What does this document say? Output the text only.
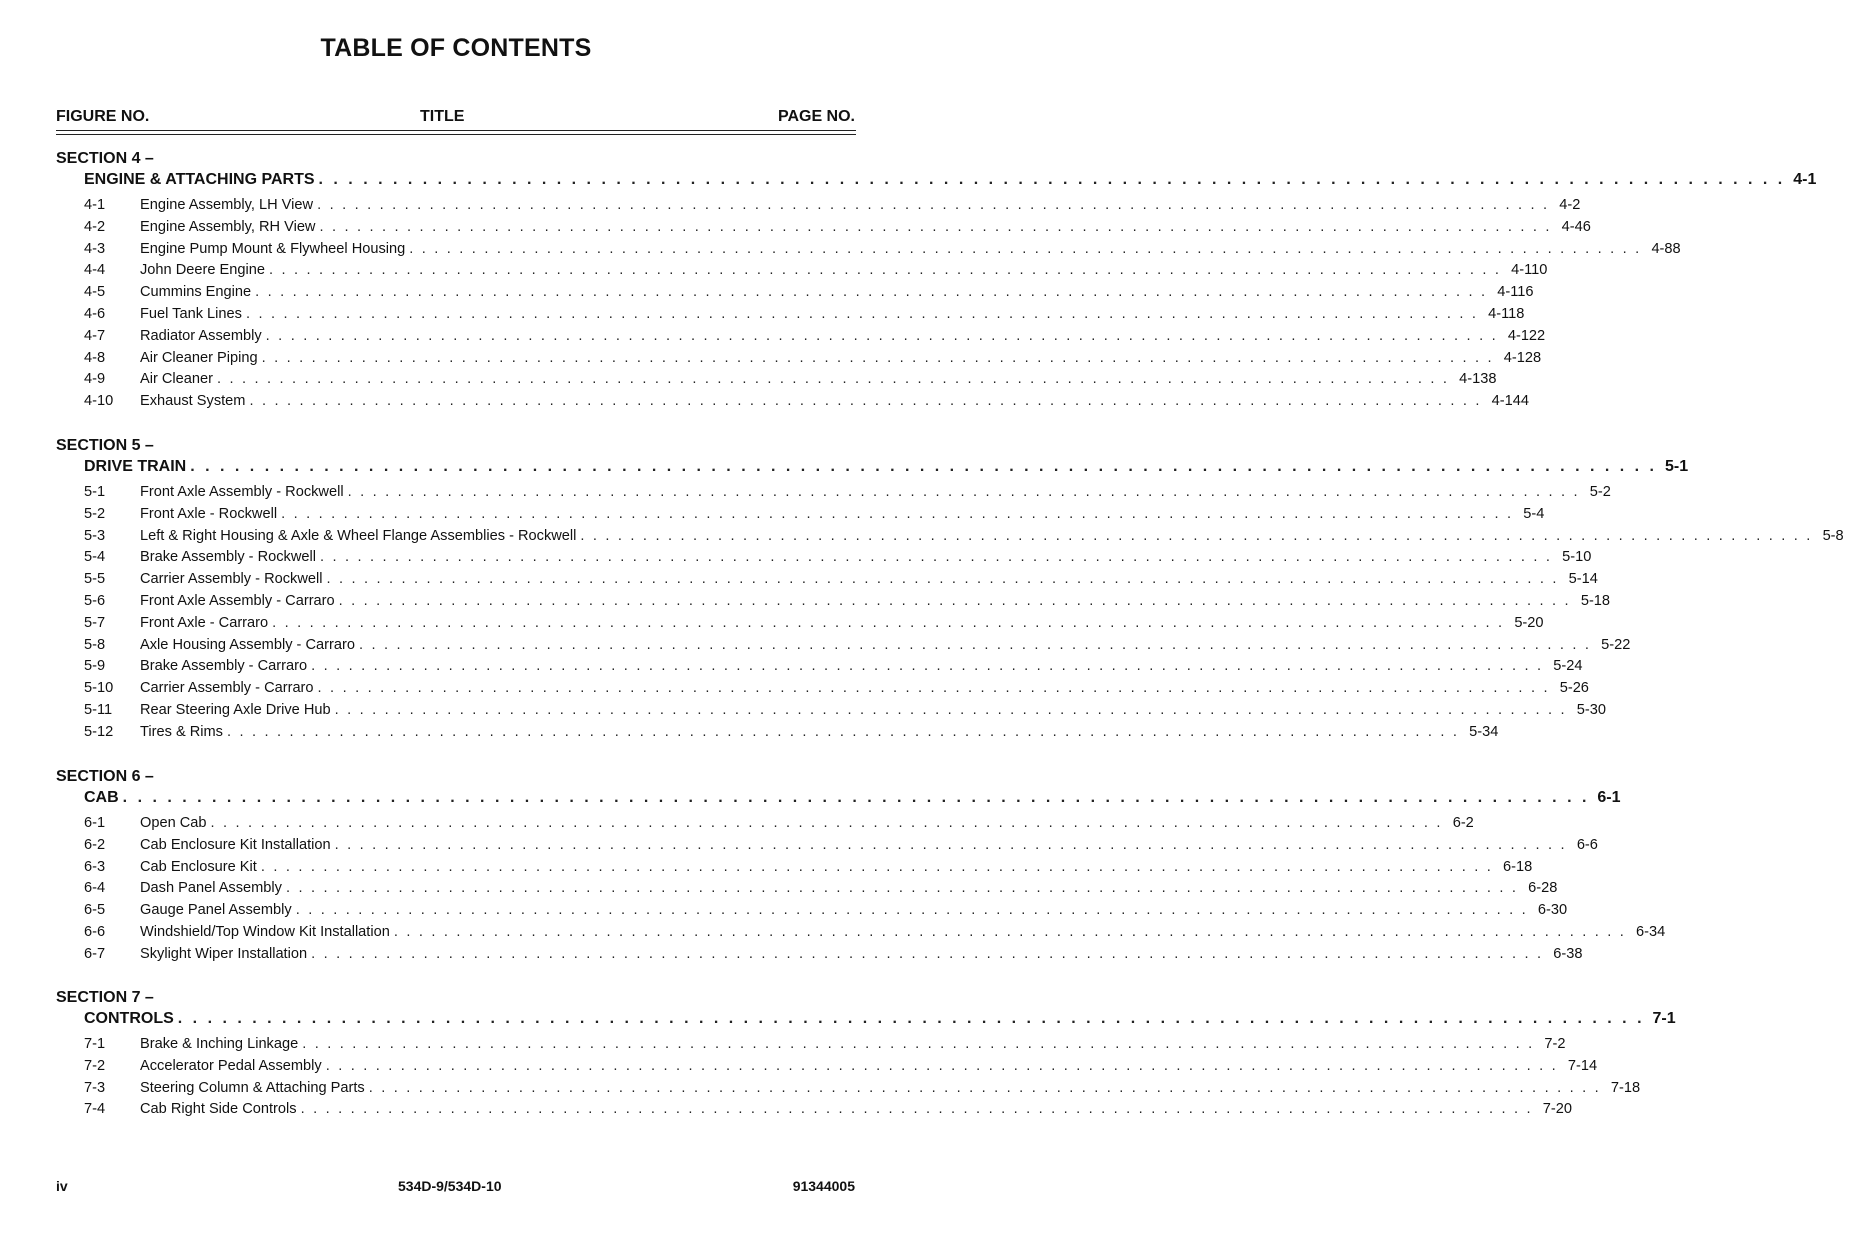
TABLE OF CONTENTS
FIGURE NO.	TITLE	PAGE NO.
SECTION 4 –
ENGINE & ATTACHING PARTS . . . . . . . . . . . . . . . . . . . . . . . . . . . . . . . . . . . . . . . . . . . . . . . . . . . . . . . . . . . . . . . . . . . . . . . . . . . . . . . . . . . . . . . . . . . . . . . . . . . 4-1
4-1	Engine Assembly, LH View . . . . . . . . . . . . . . . . . . . . . . . . . . . . . . . . . . . . . . . . . . . . . . . . . . . . . . . . . . . . . . . . . . . . . . . . . . . . . . . . . . . . . . . . . . . . . . . . . . . 4-2
4-2	Engine Assembly, RH View . . . . . . . . . . . . . . . . . . . . . . . . . . . . . . . . . . . . . . . . . . . . . . . . . . . . . . . . . . . . . . . . . . . . . . . . . . . . . . . . . . . . . . . . . . . . . . . . . . . 4-46
4-3	Engine Pump Mount & Flywheel Housing . . . . . . . . . . . . . . . . . . . . . . . . . . . . . . . . . . . . . . . . . . . . . . . . . . . . . . . . . . . . . . . . . . . . . . . . . . . . . . . . . . . . . . . . . . . . . . . . . . . 4-88
4-4	John Deere Engine . . . . . . . . . . . . . . . . . . . . . . . . . . . . . . . . . . . . . . . . . . . . . . . . . . . . . . . . . . . . . . . . . . . . . . . . . . . . . . . . . . . . . . . . . . . . . . . . . . . 4-110
4-5	Cummins Engine . . . . . . . . . . . . . . . . . . . . . . . . . . . . . . . . . . . . . . . . . . . . . . . . . . . . . . . . . . . . . . . . . . . . . . . . . . . . . . . . . . . . . . . . . . . . . . . . . . . 4-116
4-6	Fuel Tank Lines . . . . . . . . . . . . . . . . . . . . . . . . . . . . . . . . . . . . . . . . . . . . . . . . . . . . . . . . . . . . . . . . . . . . . . . . . . . . . . . . . . . . . . . . . . . . . . . . . . . 4-118
4-7	Radiator Assembly . . . . . . . . . . . . . . . . . . . . . . . . . . . . . . . . . . . . . . . . . . . . . . . . . . . . . . . . . . . . . . . . . . . . . . . . . . . . . . . . . . . . . . . . . . . . . . . . . . . 4-122
4-8	Air Cleaner Piping . . . . . . . . . . . . . . . . . . . . . . . . . . . . . . . . . . . . . . . . . . . . . . . . . . . . . . . . . . . . . . . . . . . . . . . . . . . . . . . . . . . . . . . . . . . . . . . . . . . 4-128
4-9	Air Cleaner . . . . . . . . . . . . . . . . . . . . . . . . . . . . . . . . . . . . . . . . . . . . . . . . . . . . . . . . . . . . . . . . . . . . . . . . . . . . . . . . . . . . . . . . . . . . . . . . . . . 4-138
4-10	Exhaust System . . . . . . . . . . . . . . . . . . . . . . . . . . . . . . . . . . . . . . . . . . . . . . . . . . . . . . . . . . . . . . . . . . . . . . . . . . . . . . . . . . . . . . . . . . . . . . . . . . . 4-144
SECTION 5 –
DRIVE TRAIN . . . . . . . . . . . . . . . . . . . . . . . . . . . . . . . . . . . . . . . . . . . . . . . . . . . . . . . . . . . . . . . . . . . . . . . . . . . . . . . . . . . . . . . . . . . . . . . . . . . 5-1
5-1	Front Axle Assembly - Rockwell . . . . . . . . . . . . . . . . . . . . . . . . . . . . . . . . . . . . . . . . . . . . . . . . . . . . . . . . . . . . . . . . . . . . . . . . . . . . . . . . . . . . . . . . . . . . . . . . . . . 5-2
5-2	Front Axle - Rockwell . . . . . . . . . . . . . . . . . . . . . . . . . . . . . . . . . . . . . . . . . . . . . . . . . . . . . . . . . . . . . . . . . . . . . . . . . . . . . . . . . . . . . . . . . . . . . . . . . . . 5-4
5-3	Left & Right Housing & Axle & Wheel Flange Assemblies - Rockwell . . . . . . . . . . . . . . . . . . . . . . . . . . . . . . . . . . . . . . . . . . . . . . . . . . . . . . . . . . . . . . . . . . . . . . . . . . . . . . . . . . . . . . . . . . . . . . . . . . . 5-8
5-4	Brake Assembly - Rockwell . . . . . . . . . . . . . . . . . . . . . . . . . . . . . . . . . . . . . . . . . . . . . . . . . . . . . . . . . . . . . . . . . . . . . . . . . . . . . . . . . . . . . . . . . . . . . . . . . . . 5-10
5-5	Carrier Assembly - Rockwell . . . . . . . . . . . . . . . . . . . . . . . . . . . . . . . . . . . . . . . . . . . . . . . . . . . . . . . . . . . . . . . . . . . . . . . . . . . . . . . . . . . . . . . . . . . . . . . . . . . 5-14
5-6	Front Axle Assembly - Carraro . . . . . . . . . . . . . . . . . . . . . . . . . . . . . . . . . . . . . . . . . . . . . . . . . . . . . . . . . . . . . . . . . . . . . . . . . . . . . . . . . . . . . . . . . . . . . . . . . . . 5-18
5-7	Front Axle - Carraro . . . . . . . . . . . . . . . . . . . . . . . . . . . . . . . . . . . . . . . . . . . . . . . . . . . . . . . . . . . . . . . . . . . . . . . . . . . . . . . . . . . . . . . . . . . . . . . . . . . 5-20
5-8	Axle Housing Assembly - Carraro . . . . . . . . . . . . . . . . . . . . . . . . . . . . . . . . . . . . . . . . . . . . . . . . . . . . . . . . . . . . . . . . . . . . . . . . . . . . . . . . . . . . . . . . . . . . . . . . . . . 5-22
5-9	Brake Assembly - Carraro . . . . . . . . . . . . . . . . . . . . . . . . . . . . . . . . . . . . . . . . . . . . . . . . . . . . . . . . . . . . . . . . . . . . . . . . . . . . . . . . . . . . . . . . . . . . . . . . . . . 5-24
5-10	Carrier Assembly - Carraro . . . . . . . . . . . . . . . . . . . . . . . . . . . . . . . . . . . . . . . . . . . . . . . . . . . . . . . . . . . . . . . . . . . . . . . . . . . . . . . . . . . . . . . . . . . . . . . . . . . 5-26
5-11	Rear Steering Axle Drive Hub . . . . . . . . . . . . . . . . . . . . . . . . . . . . . . . . . . . . . . . . . . . . . . . . . . . . . . . . . . . . . . . . . . . . . . . . . . . . . . . . . . . . . . . . . . . . . . . . . . . 5-30
5-12	Tires & Rims . . . . . . . . . . . . . . . . . . . . . . . . . . . . . . . . . . . . . . . . . . . . . . . . . . . . . . . . . . . . . . . . . . . . . . . . . . . . . . . . . . . . . . . . . . . . . . . . . . . 5-34
SECTION 6 –
CAB . . . . . . . . . . . . . . . . . . . . . . . . . . . . . . . . . . . . . . . . . . . . . . . . . . . . . . . . . . . . . . . . . . . . . . . . . . . . . . . . . . . . . . . . . . . . . . . . . . . 6-1
6-1	Open Cab . . . . . . . . . . . . . . . . . . . . . . . . . . . . . . . . . . . . . . . . . . . . . . . . . . . . . . . . . . . . . . . . . . . . . . . . . . . . . . . . . . . . . . . . . . . . . . . . . . . 6-2
6-2	Cab Enclosure Kit Installation . . . . . . . . . . . . . . . . . . . . . . . . . . . . . . . . . . . . . . . . . . . . . . . . . . . . . . . . . . . . . . . . . . . . . . . . . . . . . . . . . . . . . . . . . . . . . . . . . . . 6-6
6-3	Cab Enclosure Kit . . . . . . . . . . . . . . . . . . . . . . . . . . . . . . . . . . . . . . . . . . . . . . . . . . . . . . . . . . . . . . . . . . . . . . . . . . . . . . . . . . . . . . . . . . . . . . . . . . . 6-18
6-4	Dash Panel Assembly . . . . . . . . . . . . . . . . . . . . . . . . . . . . . . . . . . . . . . . . . . . . . . . . . . . . . . . . . . . . . . . . . . . . . . . . . . . . . . . . . . . . . . . . . . . . . . . . . . . 6-28
6-5	Gauge Panel Assembly . . . . . . . . . . . . . . . . . . . . . . . . . . . . . . . . . . . . . . . . . . . . . . . . . . . . . . . . . . . . . . . . . . . . . . . . . . . . . . . . . . . . . . . . . . . . . . . . . . . 6-30
6-6	Windshield/Top Window Kit Installation . . . . . . . . . . . . . . . . . . . . . . . . . . . . . . . . . . . . . . . . . . . . . . . . . . . . . . . . . . . . . . . . . . . . . . . . . . . . . . . . . . . . . . . . . . . . . . . . . . . 6-34
6-7	Skylight Wiper Installation . . . . . . . . . . . . . . . . . . . . . . . . . . . . . . . . . . . . . . . . . . . . . . . . . . . . . . . . . . . . . . . . . . . . . . . . . . . . . . . . . . . . . . . . . . . . . . . . . . . 6-38
SECTION 7 –
CONTROLS . . . . . . . . . . . . . . . . . . . . . . . . . . . . . . . . . . . . . . . . . . . . . . . . . . . . . . . . . . . . . . . . . . . . . . . . . . . . . . . . . . . . . . . . . . . . . . . . . . . 7-1
7-1	Brake & Inching Linkage . . . . . . . . . . . . . . . . . . . . . . . . . . . . . . . . . . . . . . . . . . . . . . . . . . . . . . . . . . . . . . . . . . . . . . . . . . . . . . . . . . . . . . . . . . . . . . . . . . . 7-2
7-2	Accelerator Pedal Assembly . . . . . . . . . . . . . . . . . . . . . . . . . . . . . . . . . . . . . . . . . . . . . . . . . . . . . . . . . . . . . . . . . . . . . . . . . . . . . . . . . . . . . . . . . . . . . . . . . . . 7-14
7-3	Steering Column & Attaching Parts . . . . . . . . . . . . . . . . . . . . . . . . . . . . . . . . . . . . . . . . . . . . . . . . . . . . . . . . . . . . . . . . . . . . . . . . . . . . . . . . . . . . . . . . . . . . . . . . . . . 7-18
7-4	Cab Right Side Controls . . . . . . . . . . . . . . . . . . . . . . . . . . . . . . . . . . . . . . . . . . . . . . . . . . . . . . . . . . . . . . . . . . . . . . . . . . . . . . . . . . . . . . . . . . . . . . . . . . . 7-20
iv	534D-9/534D-10	91344005
